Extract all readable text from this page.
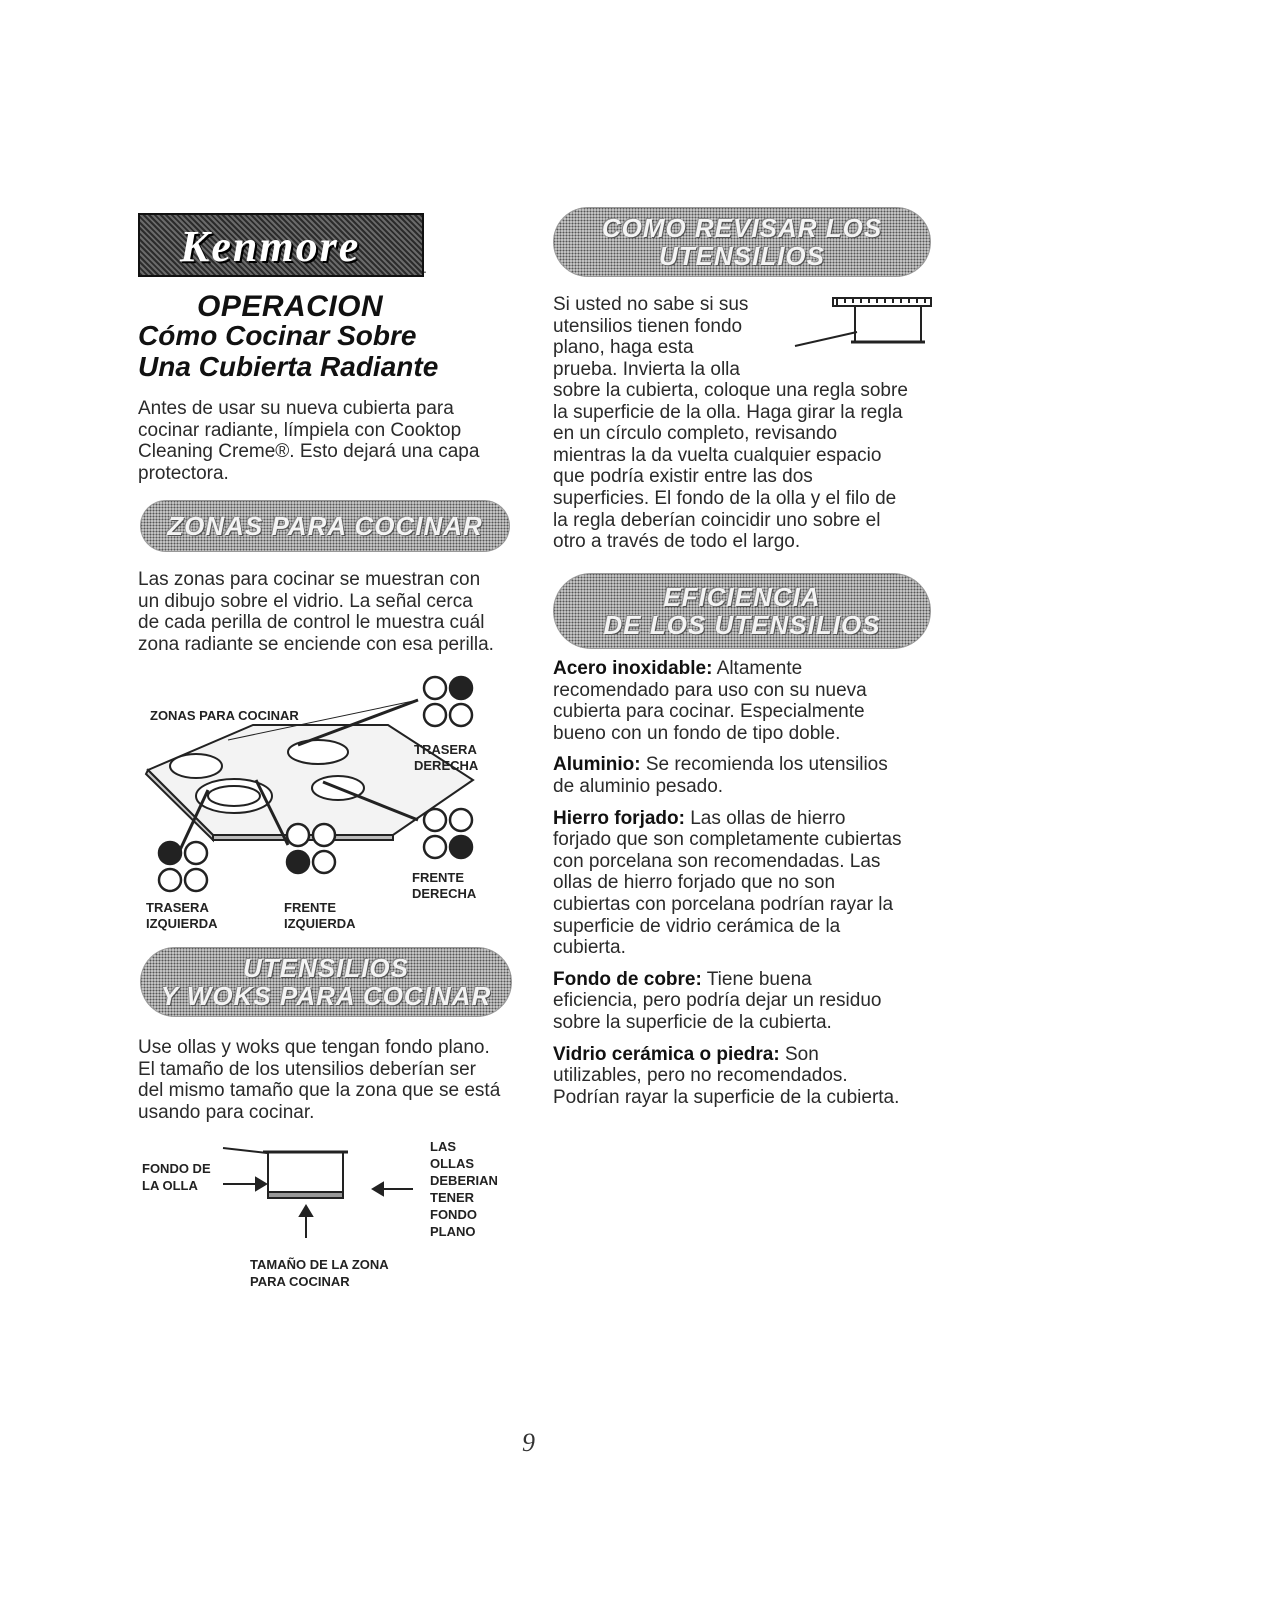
Kenmore	.
OPERACION
Cómo Cocinar Sobre
Una Cubierta Radiante

Antes de usar su nueva cubierta para

cocinar radiante, límpiela con Cooktop

Cleaning Creme®. Esto dejará una capa

protectora.

ZONAS PARA COCINAR

Las zonas para cocinar se muestran con

un dibujo sobre el vidrio. La señal cerca

de cada perilla de control le muestra cuál

zona radiante se enciende con esa perilla.

ZONAS PARA COCINAR
TRASERA
DERECHA
FRENTE
DERECHA
TRASERA
IZQUIERDA
FRENTE
IZQUIERDA
UTENSILIOS
Y WOKS PARA COCINAR

Use ollas y woks que tengan fondo plano.

El tamaño de los utensilios deberían ser

del mismo tamaño que la zona que se está

usando para cocinar.

FONDO DE
LA OLLA
LAS
OLLAS
DEBERIAN
TENER
FONDO
PLANO
TAMAÑO DE LA ZONA
PARA COCINAR
COMO REVISAR LOS
UTENSILIOS

Si usted no sabe si sus

utensilios tienen fondo

plano, haga esta

prueba. Invierta la olla

sobre la cubierta, coloque una regla sobre

la superficie de la olla. Haga girar la regla

en un círculo completo, revisando

mientras la da vuelta cualquier espacio

que podría existir entre las dos

superficies. El fondo de la olla y el filo de

la regla deberían coincidir uno sobre el

otro a través de todo el largo.

EFICIENCIA
DE LOS UTENSILIOS

Acero inoxidable: Altamente

recomendado para uso con su nueva

cubierta para cocinar. Especialmente

bueno con un fondo de tipo doble.

Aluminio: Se recomienda los utensilios

de aluminio pesado.

Hierro forjado: Las ollas de hierro

forjado que son completamente cubiertas

con porcelana son recomendadas. Las

ollas de hierro forjado que no son

cubiertas con porcelana podrían rayar la

superficie de vidrio cerámica de la

cubierta.

Fondo de cobre: Tiene buena

eficiencia, pero podría dejar un residuo

sobre la superficie de la cubierta.

Vidrio cerámica o piedra: Son

utilizables, pero no recomendados.

Podrían rayar la superficie de la cubierta.

9
